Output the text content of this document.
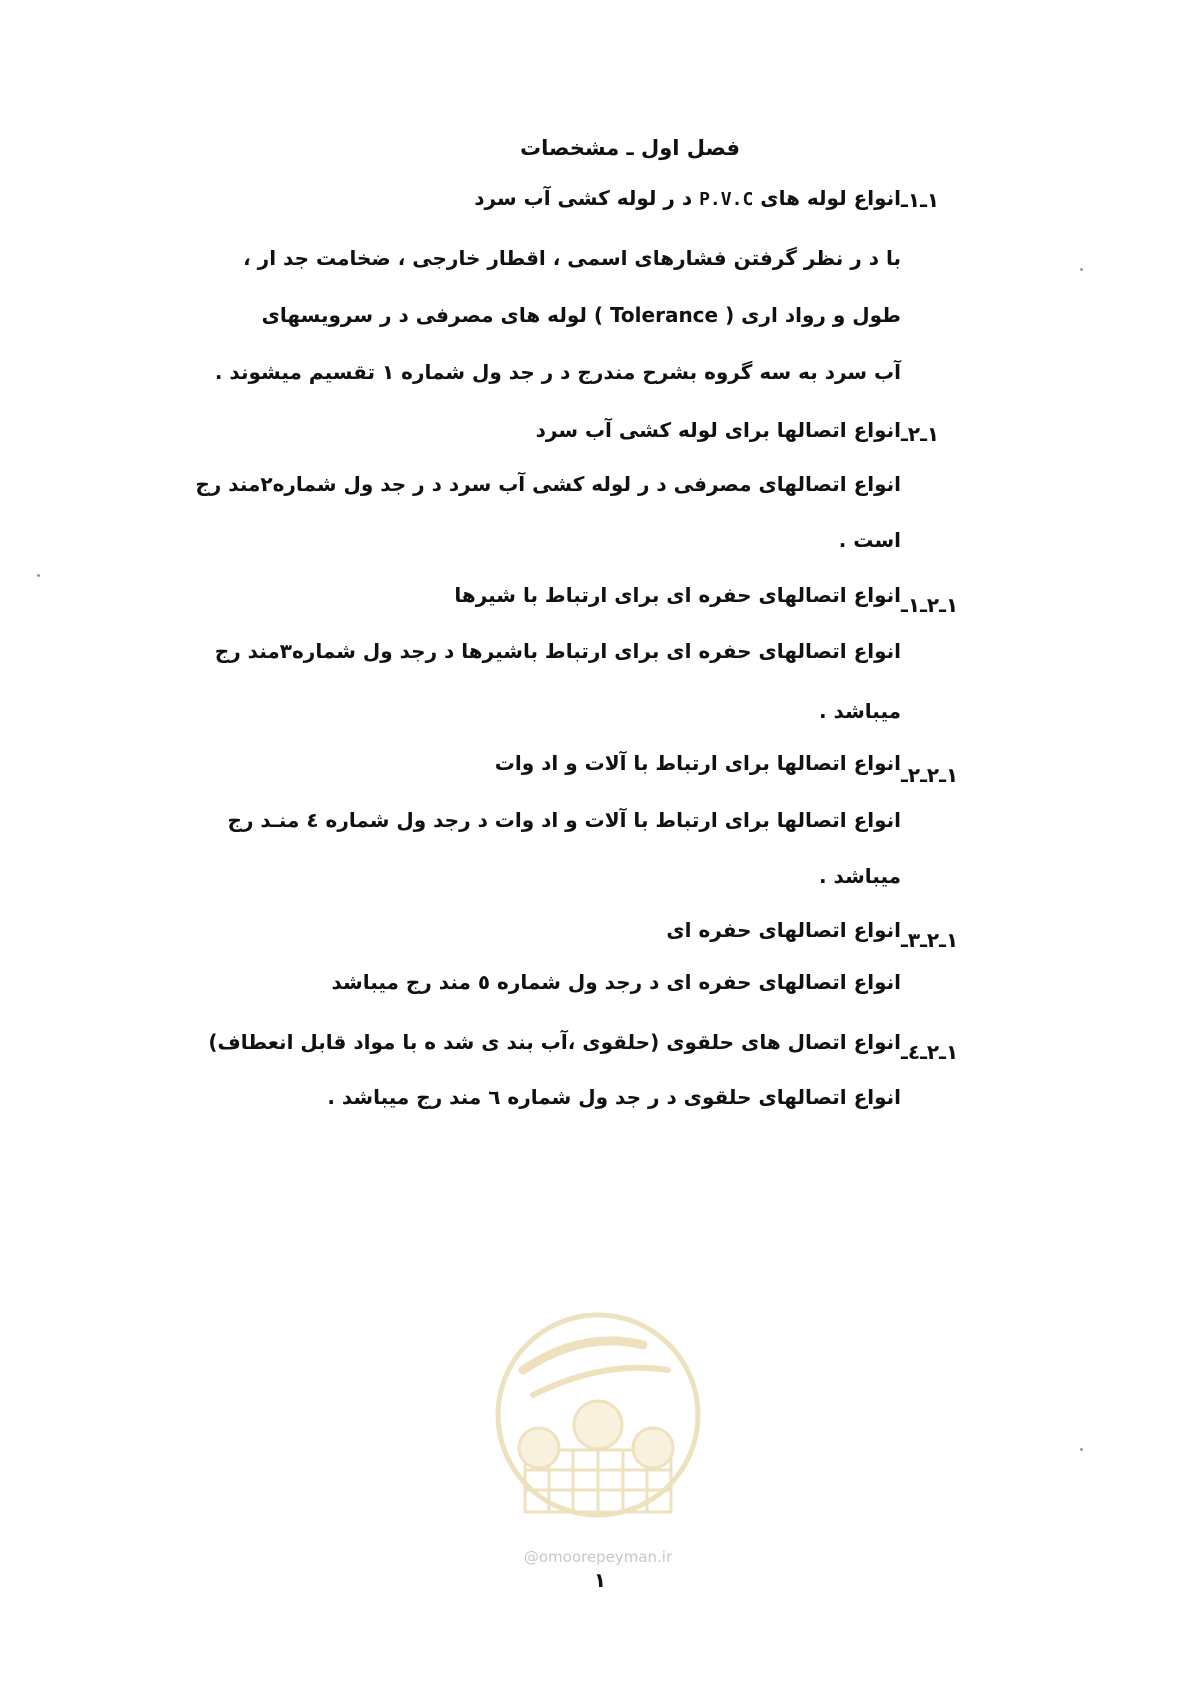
فصل اول ـ مشخصات
١ـ١ـ
انواع لوله های P.V.C د ر لوله کشی آب سرد
با د ر نظر گرفتن فشارهای اسمی ، اقطار خارجی ، ضخامت جد ار ،
طول و رواد اری ( Tolerance ) لوله های مصرفی د ر سرویسهای
آب سرد به سه گروه بشرح مندرج د ر جد ول شماره ١ تقسیم میشوند .
١ـ٢ـ
انواع اتصالها برای لوله کشی آب سرد
انواع اتصالهای مصرفی د ر لوله کشی آب سرد د ر جد ول شماره٢مند رج
است .
١ـ٢ـ١ـ
انواع اتصالهای حفره ای برای ارتباط با شیرها
انواع اتصالهای حفره ای برای ارتباط باشیرها د رجد ول شماره٣مند رج
میباشد .
١ـ٢ـ٢ـ
انواع اتصالها برای ارتباط با آلات و اد وات
انواع اتصالها برای ارتباط با آلات و اد وات د رجد ول شماره ٤ منـد رج
میباشد .
١ـ٢ـ٣ـ
انواع اتصالهای حفره ای
انواع اتصالهای حفره ای د رجد ول شماره ٥ مند رج میباشد
١ـ٢ـ٤ـ
انواع اتصال های حلقوی (حلقوی ،آب بند ی شد ه با مواد قابل انعطاف)
انواع اتصالهای حلقوی د ر جد ول شماره ٦ مند رج میباشد .
@omoorepeyman.ir
١
